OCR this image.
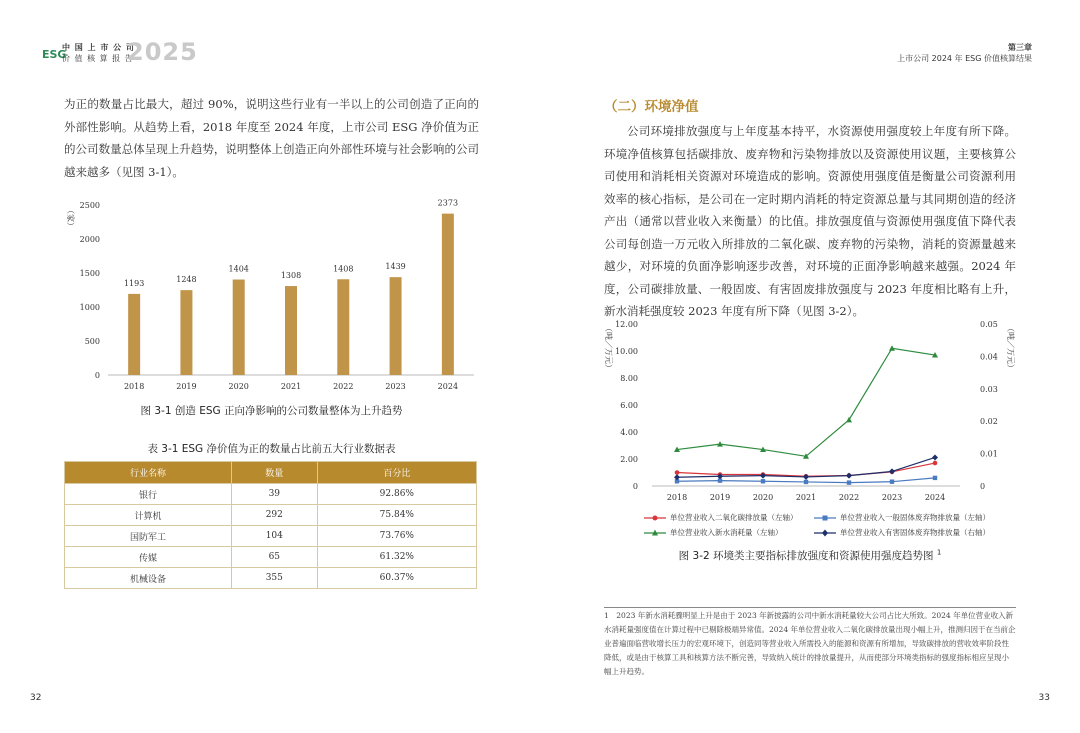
ESG
中 国 上 市 公 司
价 值 核 算 报 告
2025	第三章
上市公司 2024 年 ESG 价值核算结果
为正的数量占比最大，超过 90%，说明这些行业有一半以上的公司创造了正向的外部性影响。从趋势上看，2018 年度至 2024 年度，上市公司 ESG 净价值为正的公司数量总体呈现上升趋势，说明整体上创造正向外部性环境与社会影响的公司越来越多（见图 3-1）。
（家）
0
500
1000
1500
2000
2500
1193
2018
1248
2019
1404
2020
1308
2021
1408
2022
1439
2023
2373
2024
图 3-1 创造 ESG 正向净影响的公司数量整体为上升趋势
表 3-1 ESG 净价值为正的数量占比前五大行业数据表
行业名称	数量	百分比
银行	39	92.86%
计算机	292	75.84%
国防军工	104	73.76%
传媒	65	61.32%
机械设备	355	60.37%
32
（二）环境净值
公司环境排放强度与上年度基本持平，水资源使用强度较上年度有所下降。环境净值核算包括碳排放、废弃物和污染物排放以及资源使用议题，主要核算公司使用和消耗相关资源对环境造成的影响。资源使用强度值是衡量公司资源利用效率的核心指标，是公司在一定时期内消耗的特定资源总量与其同期创造的经济产出（通常以营业收入来衡量）的比值。排放强度值与资源使用强度值下降代表公司每创造一万元收入所排放的二氧化碳、废弃物的污染物，消耗的资源量越来越少，对环境的负面净影响逐步改善，对环境的正面净影响越来越强。2024 年度，公司碳排放量、一般固废、有害固废排放强度与 2023 年度相比略有上升，新水消耗强度较 2023 年度有所下降（见图 3-2）。
（吨／万元）	（吨／万元）
0
2.00
4.00
6.00
8.00
10.00
12.00
0
0.01
0.02
0.03
0.04
0.05
2018	2019	2020	2021	2022	2023	2024
单位营业收入二氧化碳排放量（左轴）	单位营业收入一般固体废弃物排放量（左轴）
单位营业收入新水消耗量（左轴）	单位营业收入有害固体废弃物排放量（右轴）
图 3-2 环境类主要指标排放强度和资源使用强度趋势图 $^1$
1　2023 年新水消耗骤明显上升是由于 2023 年新披露的公司中新水消耗量较大公司占比大所致。2024 年单位营业收入新水消耗量强度值在计算过程中已剔除极端异常值。2024 年单位营业收入二氧化碳排放量出现小幅上升，推测归因于在当前企业普遍面临营收增长压力的宏观环境下，创造同等营业收入所需投入的能源和资源有所增加，导致碳排放的营收效率阶段性降低，或是由于核算工具和核算方法不断完善，导致纳入统计的排放量提升，从而使部分环境类指标的强度指标相应呈现小幅上升趋势。
33
